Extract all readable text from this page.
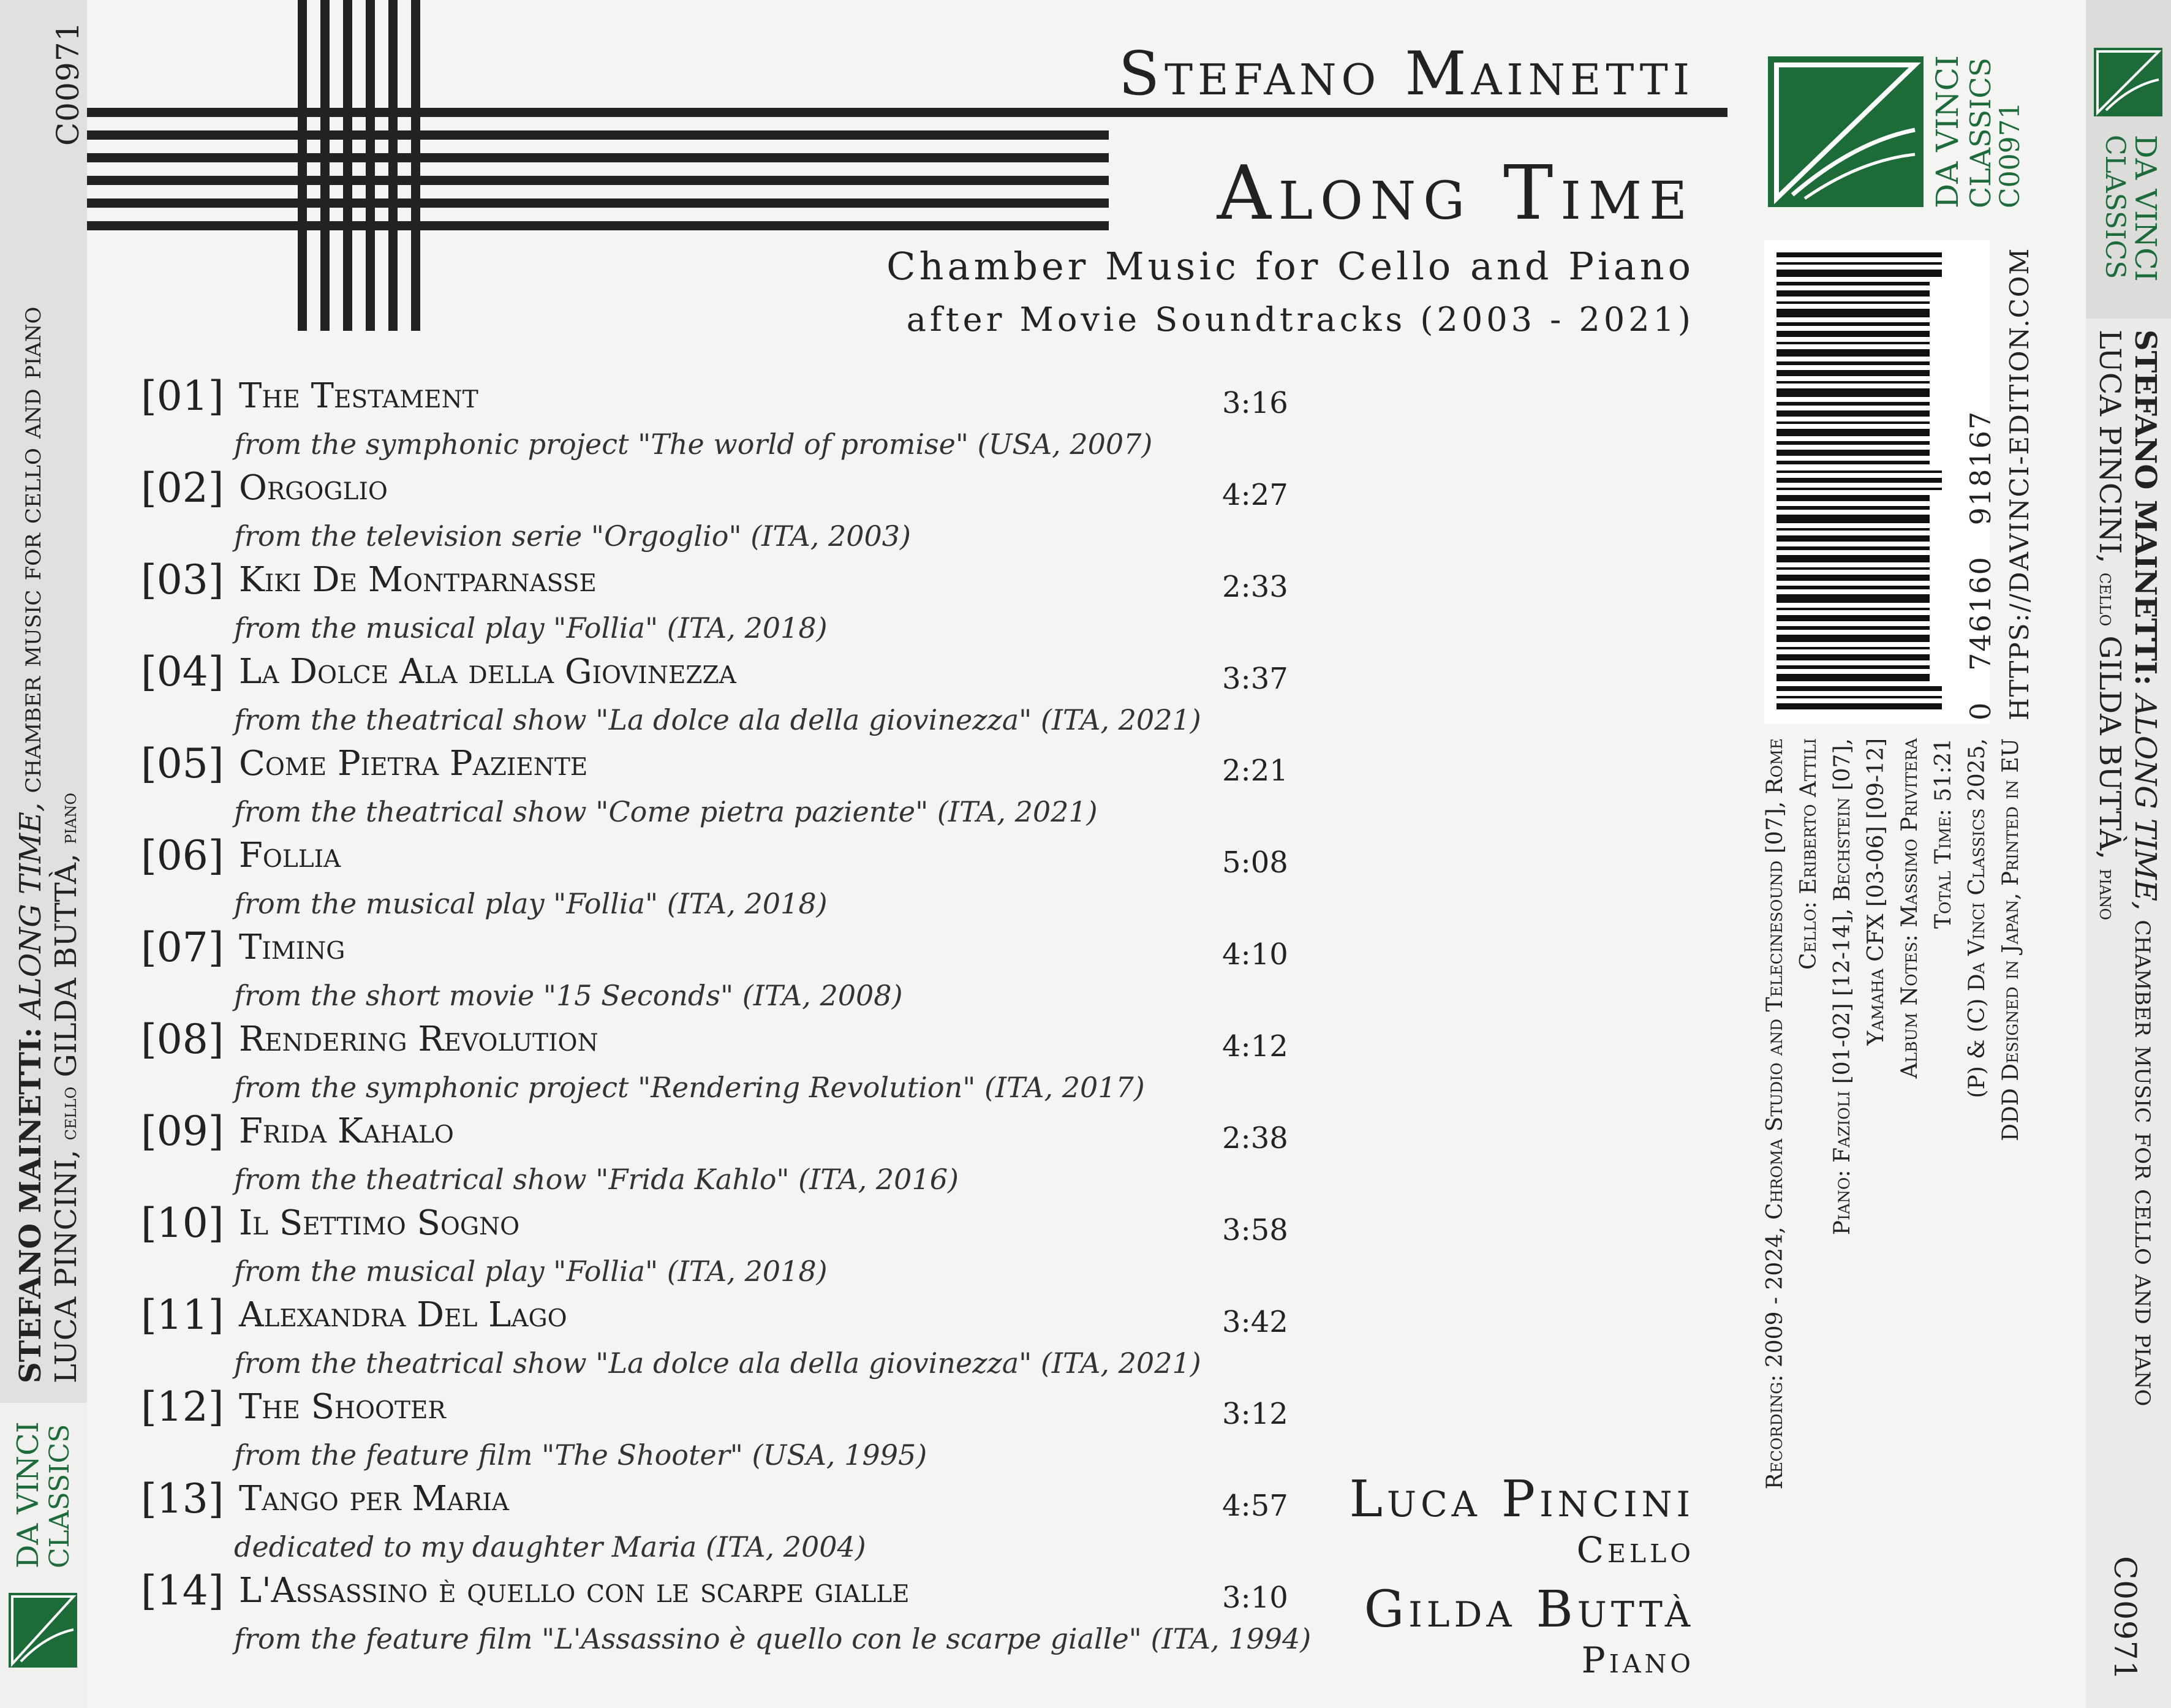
C00971
STEFANO MAINETTI: ALONG TIME, chamber music for cello and piano
LUCA PINCINI, cello GILDA BUTTÀ, piano
DA VINCI
CLASSICS
Stefano Mainetti
Along Time
Chamber Music for Cello and Piano
after Movie Soundtracks (2003 - 2021)
[01] The Testament	3:16
from the symphonic project "The world of promise" (USA, 2007)
[02] Orgoglio	4:27
from the television serie "Orgoglio" (ITA, 2003)
[03] Kiki De Montparnasse	2:33
from the musical play "Follia" (ITA, 2018)
[04] La Dolce Ala della Giovinezza	3:37
from the theatrical show "La dolce ala della giovinezza" (ITA, 2021)
[05] Come Pietra Paziente	2:21
from the theatrical show "Come pietra paziente" (ITA, 2021)
[06] Follia	5:08
from the musical play "Follia" (ITA, 2018)
[07] Timing	4:10
from the short movie "15 Seconds" (ITA, 2008)
[08] Rendering Revolution	4:12
from the symphonic project "Rendering Revolution" (ITA, 2017)
[09] Frida Kahalo	2:38
from the theatrical show "Frida Kahlo" (ITA, 2016)
[10] Il Settimo Sogno	3:58
from the musical play "Follia" (ITA, 2018)
[11] Alexandra Del Lago	3:42
from the theatrical show "La dolce ala della giovinezza" (ITA, 2021)
[12] The Shooter	3:12
from the feature film "The Shooter" (USA, 1995)
[13] Tango per Maria	4:57
dedicated to my daughter Maria (ITA, 2004)
[14] L'Assassino è quello con le scarpe gialle	3:10
from the feature film "L'Assassino è quello con le scarpe gialle" (ITA, 1994)
Luca Pincini
Cello
Gilda Buttà
Piano
DA VINCI
CLASSICS
C00971
0   746160   918167 HTTPS://DAVINCI-EDITION.COM
Recording: 2009 - 2024, Chroma Studio and Telecinesound [07], Rome Cello: Eriberto Attili Piano: Fazioli [01-02] [12-14], Bechstein [07], Yamaha CFX [03-06] [09-12] Album Notes: Massimo Privitera Total Time: 51:21 (P) & (C) Da Vinci Classics 2025, DDD Designed in Japan, Printed in EU
DA VINCI
CLASSICS
STEFANO MAINETTI: ALONG TIME, chamber music for cello and piano
LUCA PINCINI, cello GILDA BUTTÀ, piano
C00971
